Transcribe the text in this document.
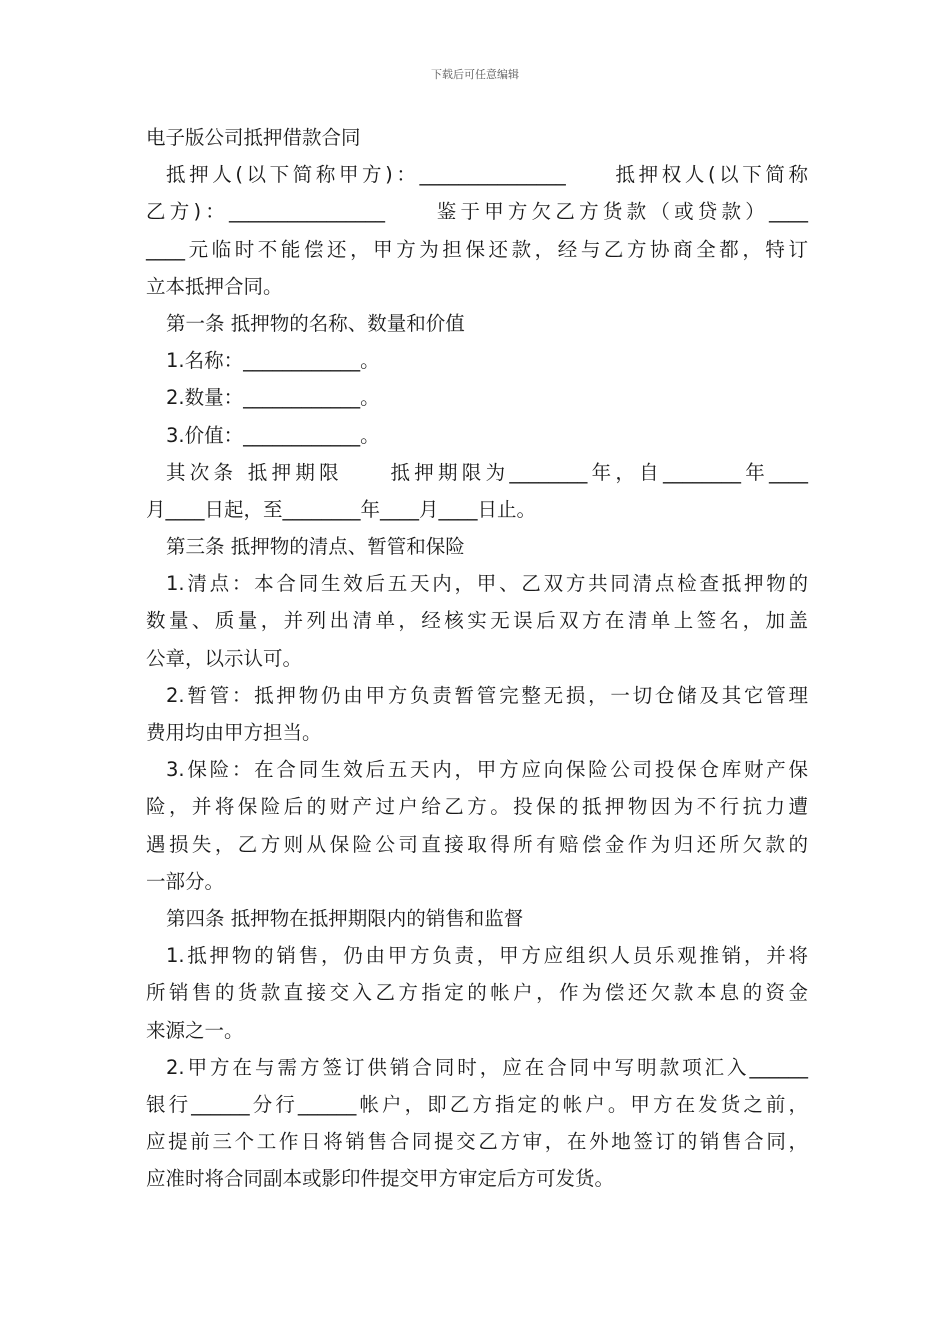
下载后可任意编辑
电子版公司抵押借款合同
抵押人(以下简称甲方)：_______________　　抵押权人(以下简称
乙方)：________________　　鉴于甲方欠乙方货款（或贷款）____
____元临时不能偿还，甲方为担保还款，经与乙方协商全都，特订
立本抵押合同。
第一条 抵押物的名称、数量和价值
1.名称：____________。
2.数量：____________。
3.价值：____________。
其次条 抵押期限　　抵押期限为________年，自________年____
月____日起，至________年____月____日止。
第三条 抵押物的清点、暂管和保险
1.清点：本合同生效后五天内，甲、乙双方共同清点检查抵押物的
数量、质量，并列出清单，经核实无误后双方在清单上签名，加盖
公章，以示认可。
2.暂管：抵押物仍由甲方负责暂管完整无损，一切仓储及其它管理
费用均由甲方担当。
3.保险：在合同生效后五天内，甲方应向保险公司投保仓库财产保
险，并将保险后的财产过户给乙方。投保的抵押物因为不行抗力遭
遇损失，乙方则从保险公司直接取得所有赔偿金作为归还所欠款的
一部分。
第四条 抵押物在抵押期限内的销售和监督
1.抵押物的销售，仍由甲方负责，甲方应组织人员乐观推销，并将
所销售的货款直接交入乙方指定的帐户，作为偿还欠款本息的资金
来源之一。
2.甲方在与需方签订供销合同时，应在合同中写明款项汇入______
银行______分行______帐户，即乙方指定的帐户。甲方在发货之前，
应提前三个工作日将销售合同提交乙方审，在外地签订的销售合同，
应准时将合同副本或影印件提交甲方审定后方可发货。
